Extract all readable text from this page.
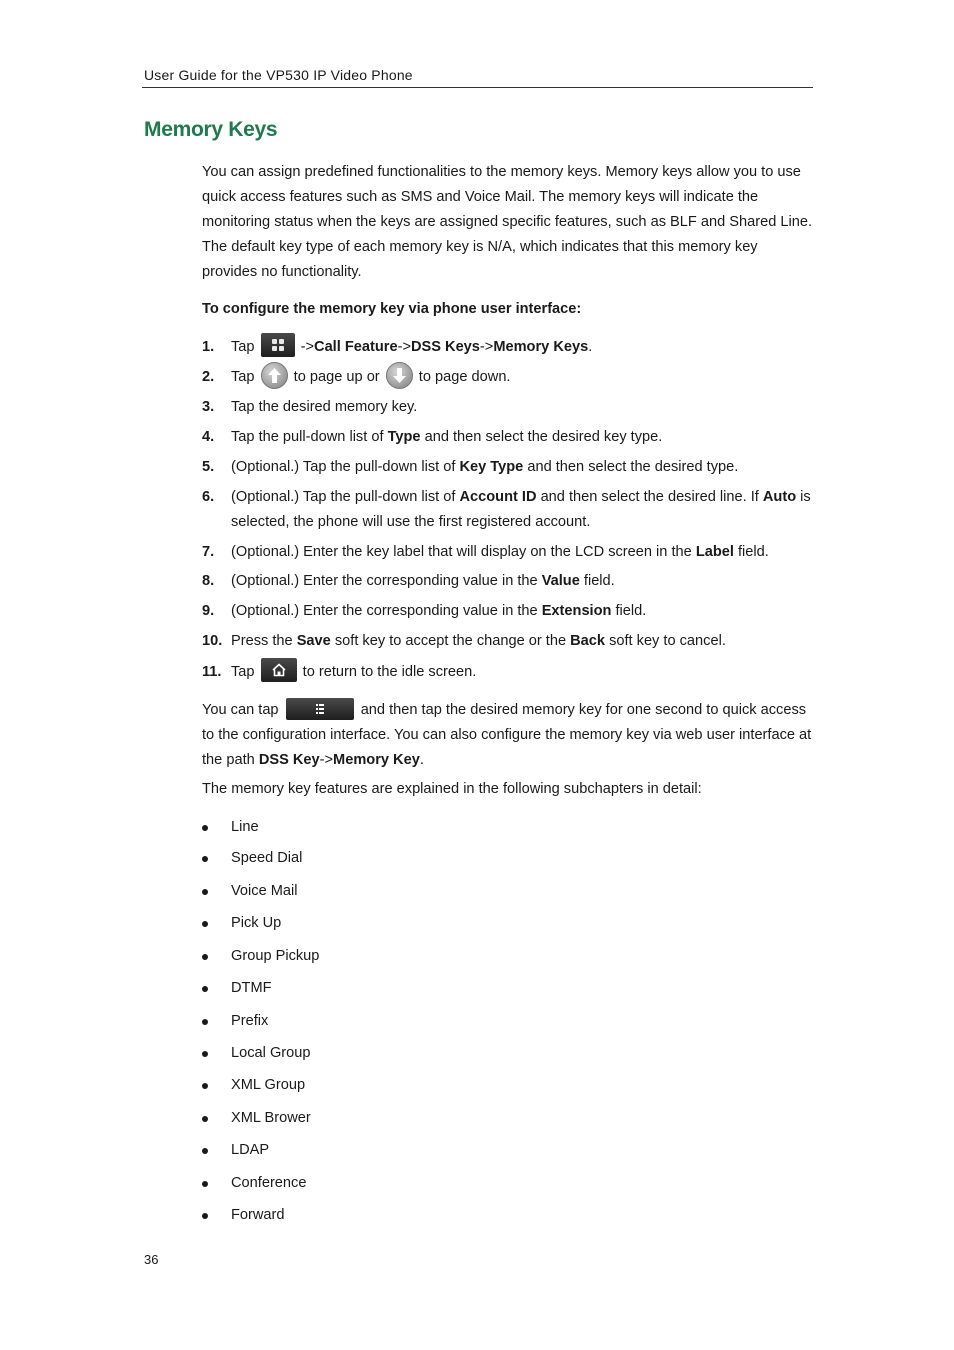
User Guide for the VP530 IP Video Phone
Memory Keys

You can assign predefined functionalities to the memory keys. Memory keys allow you to use quick access features such as SMS and Voice Mail. The memory keys will indicate the monitoring status when the keys are assigned specific features, such as BLF and Shared Line. The default key type of each memory key is N/A, which indicates that this memory key provides no functionality.

To configure the memory key via phone user interface:

1. Tap	->Call Feature->DSS Keys->Memory Keys.
2. Tap	to page up or	to page down.
3. Tap the desired memory key.
4. Tap the pull-down list of Type and then select the desired key type.
5. (Optional.) Tap the pull-down list of Key Type and then select the desired type.
6. (Optional.) Tap the pull-down list of Account ID and then select the desired line. If Auto is selected, the phone will use the first registered account.
7. (Optional.) Enter the key label that will display on the LCD screen in the Label field.
8. (Optional.) Enter the corresponding value in the Value field.
9. (Optional.) Enter the corresponding value in the Extension field.
10. Press the Save soft key to accept the change or the Back soft key to cancel.
11. Tap	to return to the idle screen.

You can tap	and then tap the desired memory key for one second to quick access to the configuration interface. You can also configure the memory key via web user interface at the path DSS Key->Memory Key.

The memory key features are explained in the following subchapters in detail:

Line
Speed Dial
Voice Mail
Pick Up
Group Pickup
DTMF
Prefix
Local Group
XML Group
XML Brower
LDAP
Conference
Forward
36
